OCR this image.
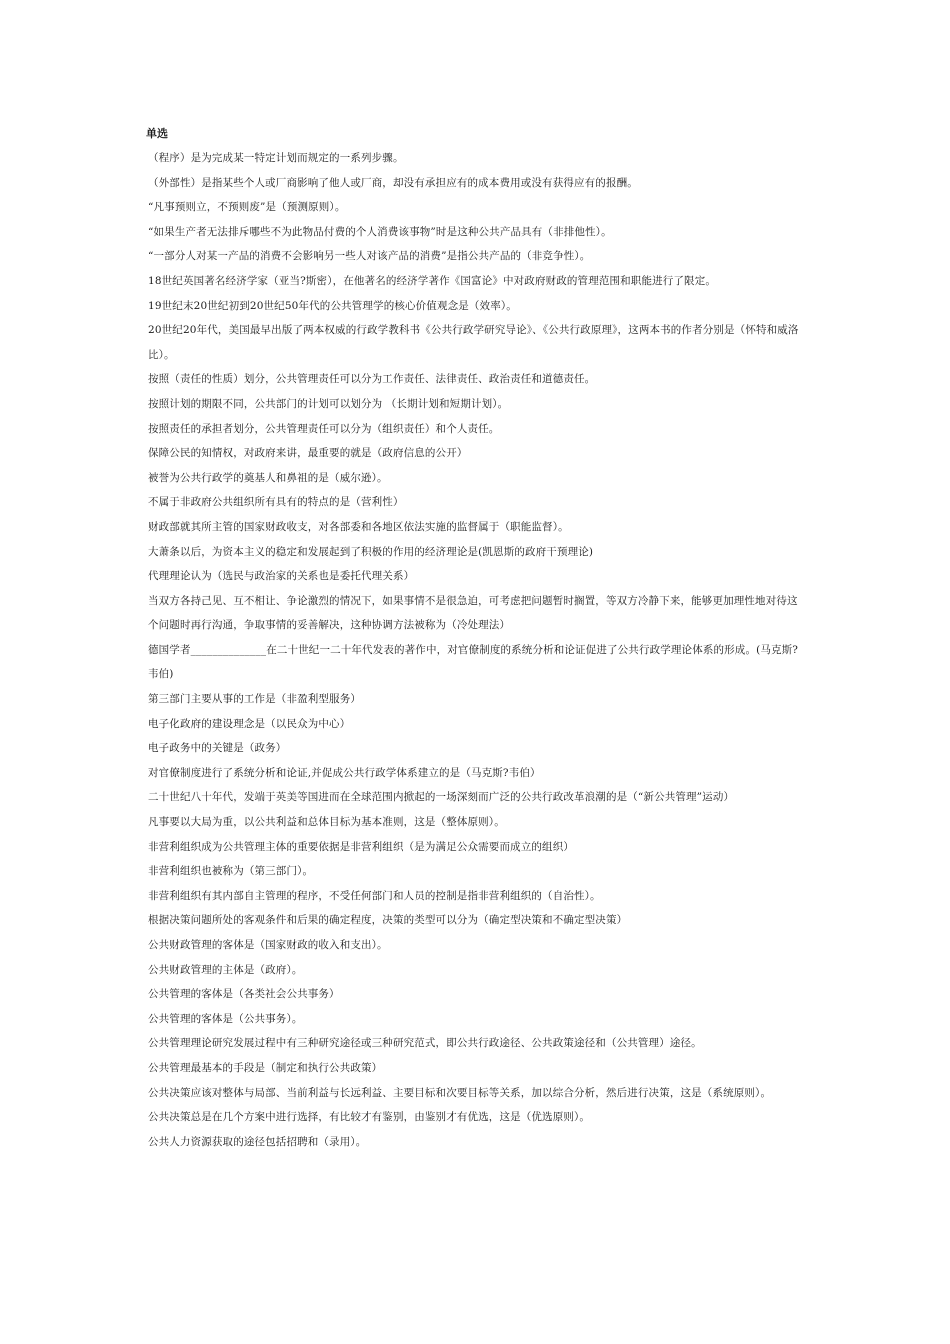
单选
（程序）是为完成某一特定计划而规定的一系列步骤。
（外部性）是指某些个人或厂商影响了他人或厂商，却没有承担应有的成本费用或没有获得应有的报酬。
“凡事预则立，不预则废”是（预测原则）。
“如果生产者无法排斥哪些不为此物品付费的个人消费该事物”时是这种公共产品具有（非排他性）。
“一部分人对某一产品的消费不会影响另一些人对该产品的消费”是指公共产品的（非竞争性）。
18世纪英国著名经济学家（亚当?斯密），在他著名的经济学著作《国富论》中对政府财政的管理范围和职能进行了限定。
19世纪末20世纪初到20世纪50年代的公共管理学的核心价值观念是（效率）。
20世纪20年代，美国最早出版了两本权威的行政学教科书《公共行政学研究导论》、《公共行政原理》，这两本书的作者分别是（怀特和威洛比）。
按照（责任的性质）划分，公共管理责任可以分为工作责任、法律责任、政治责任和道德责任。
按照计划的期限不同，公共部门的计划可以划分为 （长期计划和短期计划）。
按照责任的承担者划分，公共管理责任可以分为（组织责任）和个人责任。
保障公民的知情权，对政府来讲，最重要的就是（政府信息的公开）
被誉为公共行政学的奠基人和鼻祖的是（威尔逊）。
不属于非政府公共组织所有具有的特点的是（营利性）
财政部就其所主管的国家财政收支，对各部委和各地区依法实施的监督属于（职能监督）。
大萧条以后，为资本主义的稳定和发展起到了积极的作用的经济理论是(凯恩斯的政府干预理论)
代理理论认为（选民与政治家的关系也是委托代理关系）
当双方各持己见、互不相让、争论激烈的情况下，如果事情不是很急迫，可考虑把问题暂时搁置，等双方冷静下来，能够更加理性地对待这个问题时再行沟通，争取事情的妥善解决，这种协调方法被称为（冷处理法）
德国学者______________在二十世纪一二十年代发表的著作中，对官僚制度的系统分析和论证促进了公共行政学理论体系的形成。(马克斯?韦伯)
第三部门主要从事的工作是（非盈利型服务）
电子化政府的建设理念是（以民众为中心）
电子政务中的关键是（政务）
对官僚制度进行了系统分析和论证,并促成公共行政学体系建立的是（马克斯?韦伯）
二十世纪八十年代，发端于英美等国进而在全球范围内掀起的一场深刻而广泛的公共行政改革浪潮的是（“新公共管理”运动）
凡事要以大局为重，以公共利益和总体目标为基本准则，这是（整体原则）。
非营利组织成为公共管理主体的重要依据是非营利组织（是为满足公众需要而成立的组织）
非营利组织也被称为（第三部门）。
非营利组织有其内部自主管理的程序，不受任何部门和人员的控制是指非营利组织的（自治性）。
根据决策问题所处的客观条件和后果的确定程度，决策的类型可以分为（确定型决策和不确定型决策）
公共财政管理的客体是（国家财政的收入和支出）。
公共财政管理的主体是（政府）。
公共管理的客体是（各类社会公共事务）
公共管理的客体是（公共事务）。
公共管理理论研究发展过程中有三种研究途径或三种研究范式，即公共行政途径、公共政策途径和（公共管理）途径。
公共管理最基本的手段是（制定和执行公共政策）
公共决策应该对整体与局部、当前利益与长远利益、主要目标和次要目标等关系，加以综合分析，然后进行决策，这是（系统原则）。
公共决策总是在几个方案中进行选择，有比较才有鉴别，由鉴别才有优选，这是（优选原则）。
公共人力资源获取的途径包括招聘和（录用）。
